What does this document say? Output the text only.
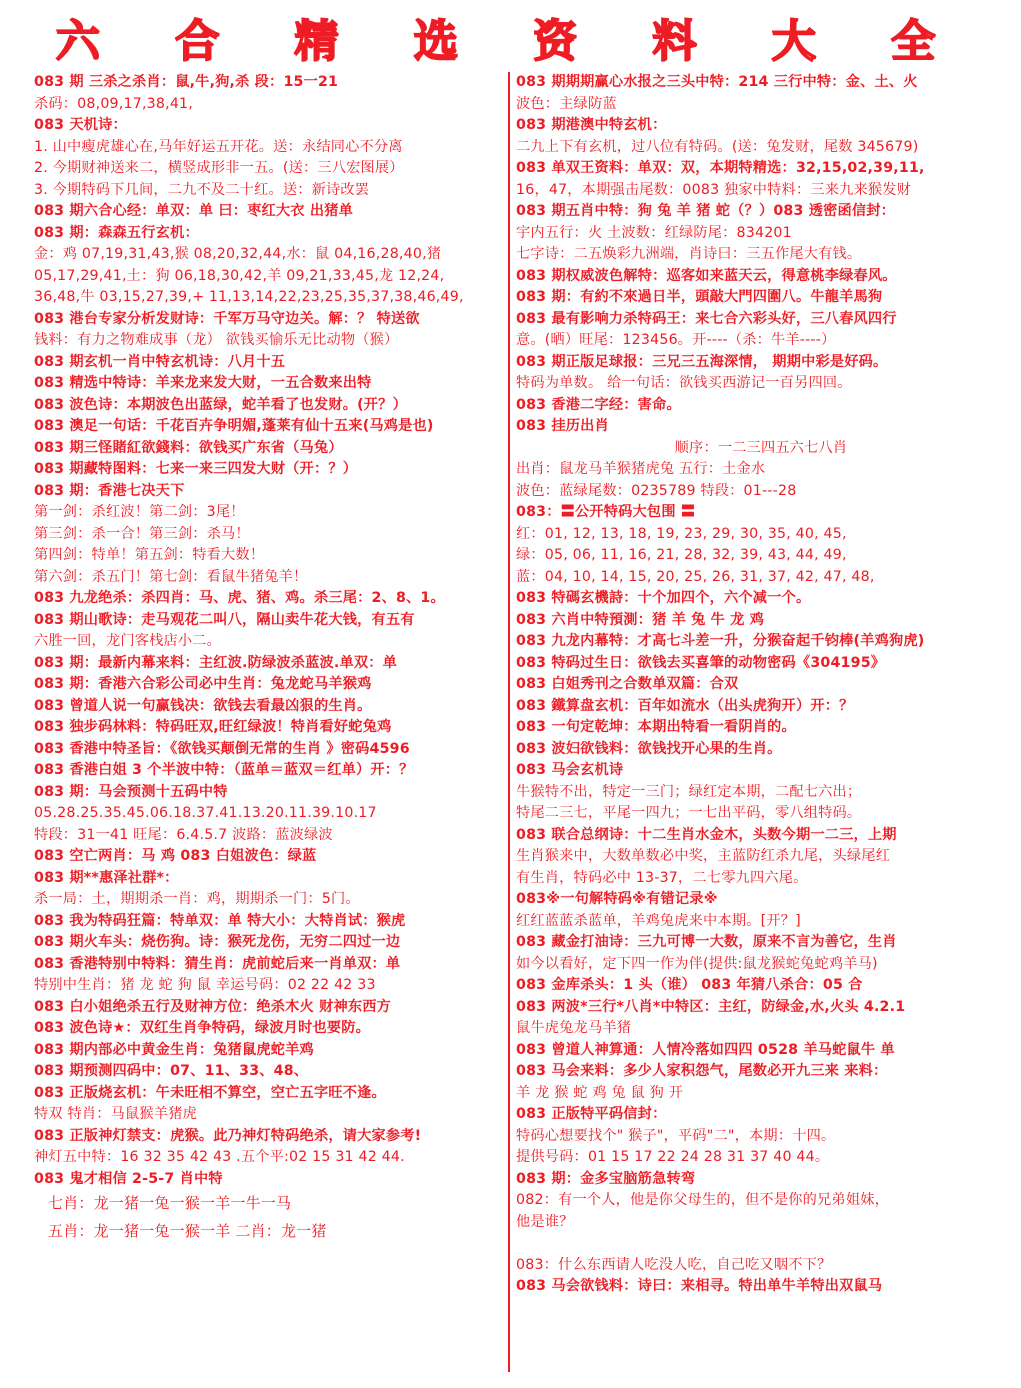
六 合 精 选 资 料 大 全
083 期 三杀之杀肖：鼠,牛,狗,杀 段：15一21
杀码：08,09,17,38,41,
083 天机诗：
1. 山中瘦虎雄心在,马年好运五开花。送：永结同心不分离
2. 今期财神送来二，横竖成形非一五。(送：三八宏图展）
3. 今期特码下几间，二九不及二十红。送：新诗改罢
083 期六合心经：单双：单 曰：枣红大衣 出猪单
083 期：森森五行玄机：
金：鸡 07,19,31,43,猴 08,20,32,44,水：鼠 04,16,28,40,猪
05,17,29,41,土：狗 06,18,30,42,羊 09,21,33,45,龙 12,24,
36,48,牛 03,15,27,39,+ 11,13,14,22,23,25,35,37,38,46,49,
083 港台专家分析发财诗：千军万马守边关。解：？ 特送欲
钱料：有力之物难成事（龙） 欲钱买愉乐无比动物（猴）
083 期玄机一肖中特玄机诗：八月十五
083 精选中特诗：羊来龙来发大财，一五合数来出特
083 波色诗：本期波色出蓝绿，蛇羊看了也发财。(开？）
083 澳足一句话：千花百卉争明媚,蓬莱有仙十五来(马鸡是也)
083 期三怪賭紅欲錢料：欲钱买广东省（马兔）
083 期藏特图料：七来一来三四发大财（开：？）
083 期：香港七决天下
第一剑：杀红波！第二剑：3尾！
第三剑：杀一合！第三剑：杀马！
第四剑：特单！第五剑：特看大数！
第六剑：杀五门！第七剑：看鼠牛猪兔羊！
083 九龙绝杀：杀四肖：马、虎、猪、鸡。杀三尾：2、8、1。
083 期山歌诗：走马观花二叫八，隔山卖牛花大钱，有五有
六胜一回，龙门客栈店小二。
083 期：最新内幕来料：主红波.防绿波杀蓝波.单双：单
083 期：香港六合彩公司必中生肖：兔龙蛇马羊猴鸡
083 曾道人说一句赢钱决：欲钱去看最凶狠的生肖。
083 独步码林料：特码旺双,旺红绿波！特肖看好蛇兔鸡
083 香港中特圣旨：《欲钱买颠倒无常的生肖 》密码4596
083 香港白姐 3 个半波中特：（蓝单＝蓝双＝红单）开：？
083 期：马会预测十五码中特
05.28.25.35.45.06.18.37.41.13.20.11.39.10.17
特段：31一41 旺尾：6.4.5.7 波路：蓝波绿波
083 空亡两肖：马 鸡 083 白姐波色：绿蓝
083 期**惠泽社群*：
杀一局：土，期期杀一肖：鸡，期期杀一门：5门。
083 我为特码狂篇：特单双：单 特大小：大特肖试：猴虎
083 期火车头：烧伤狗。诗：猴死龙伤，无穷二四过一边
083 香港特别中特料：猜生肖：虎前蛇后来一肖单双：单
特别中生肖：猪 龙 蛇 狗 鼠 幸运号码：02 22 42 33
083 白小姐绝杀五行及财神方位：绝杀木火 财神东西方
083 波色诗★：双红生肖争特码，绿波月时也要防。
083 期内部必中黄金生肖：兔猪鼠虎蛇羊鸡
083 期预测四码中：07、11、33、48、
083 正版烧玄机：午未旺相不算空，空亡五字旺不逢。
特双 特肖：马鼠猴羊猪虎
083 正版神灯禁支：虎猴。此乃神灯特码绝杀，请大家参考!
神灯五中特：16 32 35 42 43 .五个平:02 15 31 42 44.
083 鬼才相信 2-5-7 肖中特
七肖：龙一猪一兔一猴一羊一牛一马
五肖：龙一猪一兔一猴一羊 二肖：龙一猪
083 期期期赢心水报之三头中特：214 三行中特：金、土、火
波色：主绿防蓝
083 期港澳中特玄机：
二九上下有玄机，过八位有特码。(送：兔发财，尾数 345679)
083 单双王资料：单双：双，本期特精选：32,15,02,39,11,
16，47，本期强击尾数：0083 独家中特料：三来九来猴发财
083 期五肖中特：狗 兔 羊 猪 蛇（？）083 透密函信封：
宇内五行：火 土波数：红绿防尾：834201
七字诗：二五焕彩九洲端，肖诗曰：三五作尾大有钱。
083 期权威波色解特：巡客如来蓝天云，得意桃李绿春风。
083 期：有約不來過日半，頭敲大門四圍八。牛龍羊馬狗
083 最有影响力杀特码王：来七合六彩头好，三八春风四行
意。(晒）旺尾：123456。开----（杀：牛羊----）
083 期正版足球报：三兄三五海深情， 期期中彩是好码。
特码为单数。 给一句话：欲钱买西游记一百另四回。
083 香港二字经：害命。
083 挂历出肖
顺序：一二三四五六七八肖
出肖：鼠龙马羊猴猪虎兔 五行：土金水
波色：蓝绿尾数：0235789 特段：01---28
083：〓公开特码大包围 〓
红：01, 12, 13, 18, 19, 23, 29, 30, 35, 40, 45,
绿：05, 06, 11, 16, 21, 28, 32, 39, 43, 44, 49,
蓝：04, 10, 14, 15, 20, 25, 26, 31, 37, 42, 47, 48,
083 特碼玄機詩：十个加四个，六个减一个。
083 六肖中特預測：猪 羊 兔 牛 龙 鸡
083 九龙内幕特：才高七斗差一升，分猴奋起千钧棒(羊鸡狗虎)
083 特码过生日：欲钱去买喜筆的动物密码《304195》
083 白姐秀刊之合数单双篇：合双
083 鐵算盘玄机：百年如流水（出头虎狗开）开：？
083 一句定乾坤：本期出特看一看阴肖的。
083 波妇欲钱料：欲钱找开心果的生肖。
083 马会玄机诗
牛猴特不出，特定一三门；绿红定本期，二配七六出；
特尾二三七，平尾一四九；一七出平码，零八组特码。
083 联合总纲诗：十二生肖水金木，头数今期一二三，上期
生肖猴来中，大数单数必中奖，主蓝防红杀九尾，头绿尾红
有生肖，特码必中 13-37，二七零九四六尾。
083※一句解特码※有错记录※
红红蓝蓝杀蓝单，羊鸡兔虎来中本期。[开？]
083 藏金打油诗：三九可博一大数，原来不言为善它，生肖
如今以看好，定下四一作为伴(提供:鼠龙猴蛇兔蛇鸡羊马)
083 金库杀头：1 头（谁） 083 年猜八杀合：05 合
083 两波*三行*八肖*中特区：主红，防绿金,水,火头 4.2.1
鼠牛虎兔龙马羊猪
083 曾道人神算通：人情冷落如四四 0528 羊马蛇鼠牛 单
083 马会来料：多少人家积怨气，尾数必开九三来 来料：
羊 龙 猴 蛇 鸡 兔 鼠 狗 开
083 正版特平码信封：
特码心想要找个" 猴子"，平码"二"，本期：十四。
提供号码：01 15 17 22 24 28 31 37 40 44。
083 期：金多宝脑筋急转弯
082：有一个人，他是你父母生的，但不是你的兄弟姐妹，
他是谁？
083：什么东西请人吃没人吃，自己吃又咽不下？
083 马会欲钱料：诗曰：来相寻。特出单牛羊特出双鼠马
